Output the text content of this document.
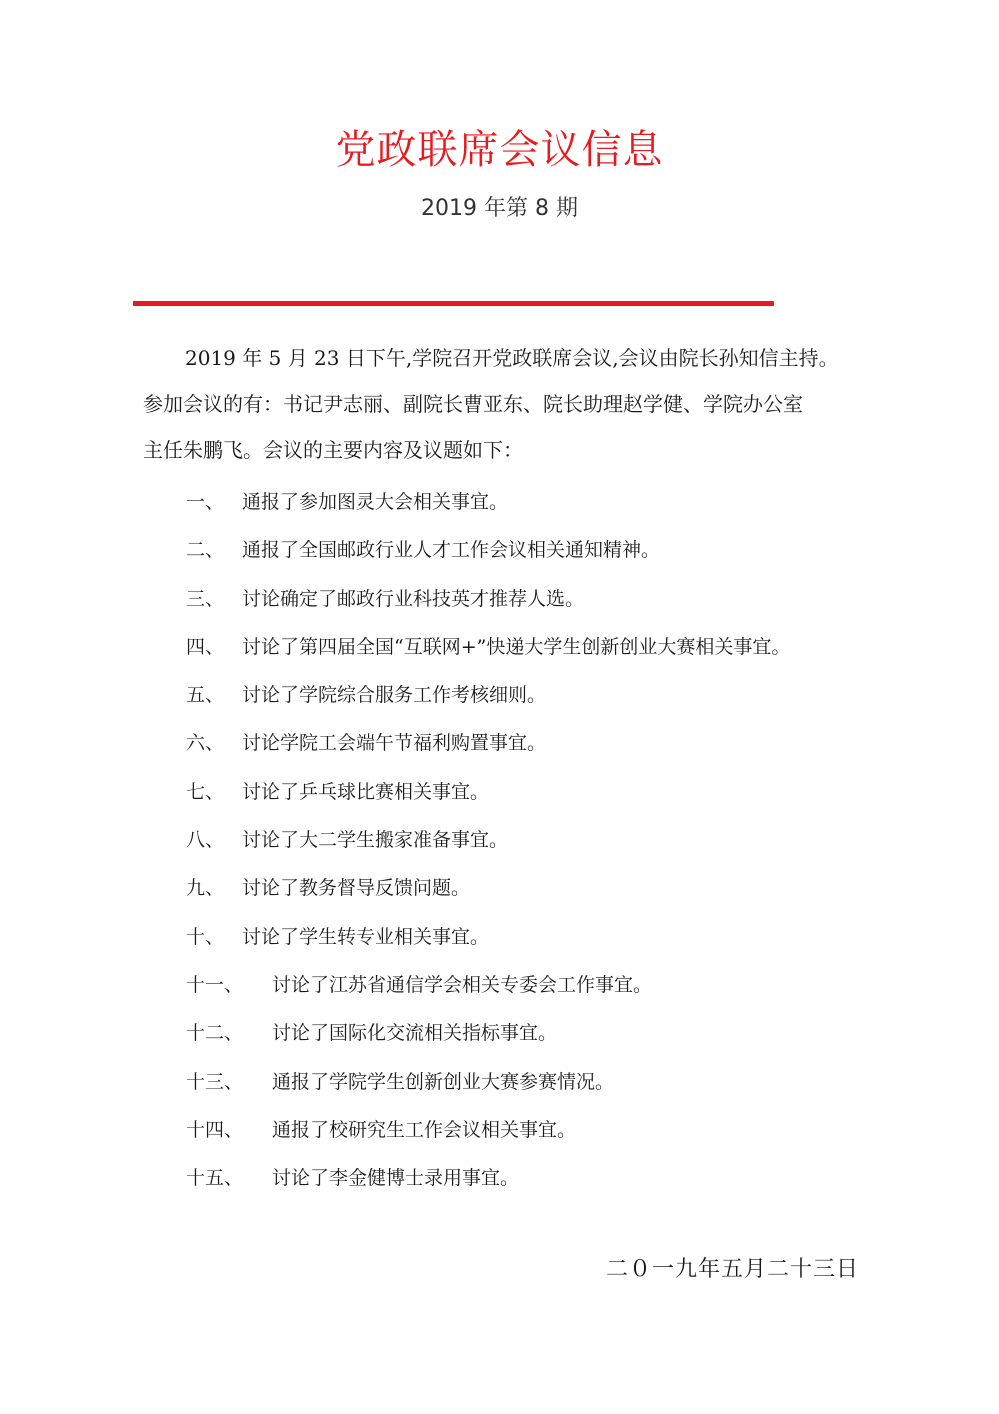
党政联席会议信息
2019 年第 8 期

2019 年 5 月 23 日下午,学院召开党政联席会议,会议由院长孙知信主持。
参加会议的有：书记尹志丽、副院长曹亚东、院长助理赵学健、学院办公室
主任朱鹏飞。会议的主要内容及议题如下：

一、 通报了参加图灵大会相关事宜。
二、 通报了全国邮政行业人才工作会议相关通知精神。
三、 讨论确定了邮政行业科技英才推荐人选。
四、 讨论了第四届全国“互联网+”快递大学生创新创业大赛相关事宜。
五、 讨论了学院综合服务工作考核细则。
六、 讨论学院工会端午节福利购置事宜。
七、 讨论了乒乓球比赛相关事宜。
八、 讨论了大二学生搬家准备事宜。
九、 讨论了教务督导反馈问题。
十、 讨论了学生转专业相关事宜。
十一、 讨论了江苏省通信学会相关专委会工作事宜。
十二、 讨论了国际化交流相关指标事宜。
十三、 通报了学院学生创新创业大赛参赛情况。
十四、 通报了校研究生工作会议相关事宜。
十五、 讨论了李金健博士录用事宜。
二０一九年五月二十三日
